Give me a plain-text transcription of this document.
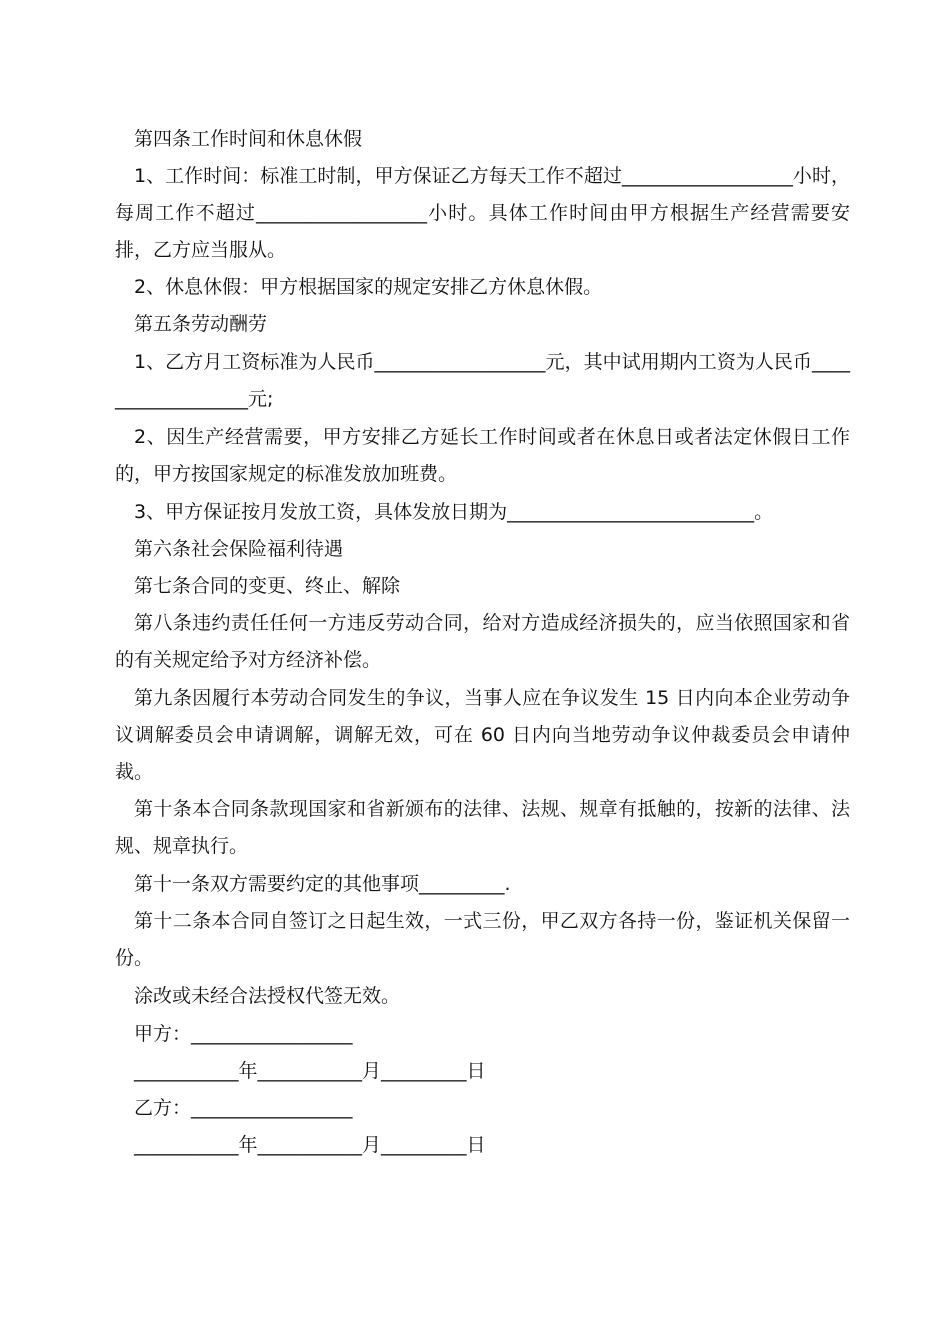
第四条工作时间和休息休假

1、工作时间：标准工时制，甲方保证乙方每天工作不超过__________________小时，每周工作不超过__________________小时。具体工作时间由甲方根据生产经营需要安排，乙方应当服从。

2、休息休假：甲方根据国家的规定安排乙方休息休假。

第五条劳动酬劳

1、乙方月工资标准为人民币__________________元，其中试用期内工资为人民币__________________元;

2、因生产经营需要，甲方安排乙方延长工作时间或者在休息日或者法定休假日工作的，甲方按国家规定的标准发放加班费。

3、甲方保证按月发放工资，具体发放日期为__________________________。

第六条社会保险福利待遇

第七条合同的变更、终止、解除

第八条违约责任任何一方违反劳动合同，给对方造成经济损失的，应当依照国家和省的有关规定给予对方经济补偿。

第九条因履行本劳动合同发生的争议，当事人应在争议发生 15 日内向本企业劳动争议调解委员会申请调解，调解无效，可在 60 日内向当地劳动争议仲裁委员会申请仲裁。

第十条本合同条款现国家和省新颁布的法律、法规、规章有抵触的，按新的法律、法规、规章执行。

第十一条双方需要约定的其他事项_________.

第十二条本合同自签订之日起生效，一式三份，甲乙双方各持一份，鉴证机关保留一份。

涂改或未经合法授权代签无效。

甲方：_________________

___________年___________月_________日

乙方：_________________

___________年___________月_________日
